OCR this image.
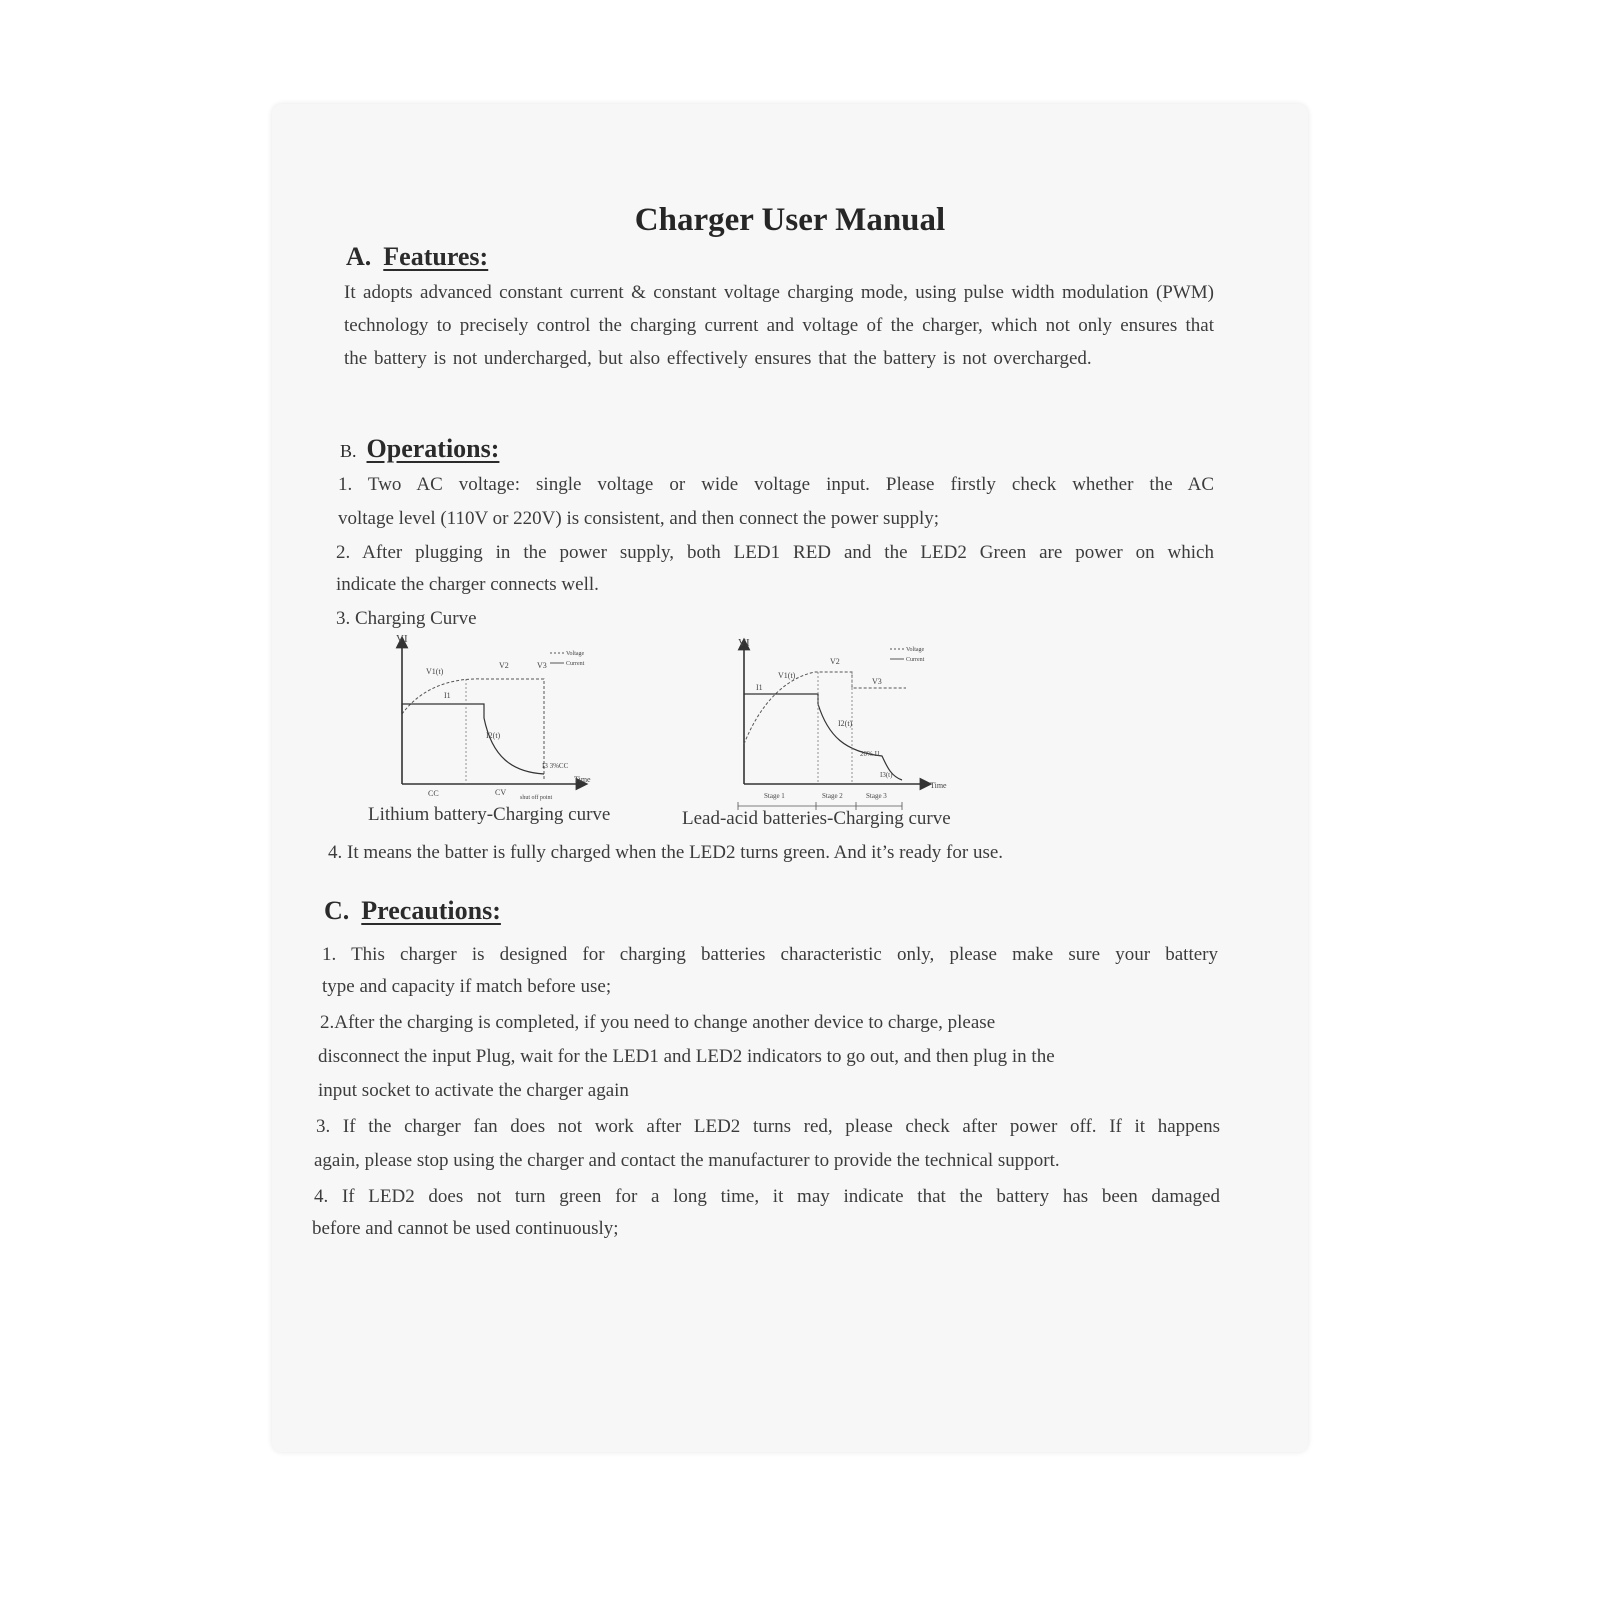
Charger User Manual
A. Features:
It adopts advanced constant current & constant voltage charging mode, using pulse width modulation (PWM) technology to precisely control the charging current and voltage of the charger, which not only ensures that the battery is not undercharged, but also effectively ensures that the battery is not overcharged.
B. Operations:
1. Two AC voltage: single voltage or wide voltage input. Please firstly check whether the AC
voltage level (110V or 220V) is consistent, and then connect the power supply;
2. After plugging in the power supply, both LED1 RED and the LED2 Green are power on which
indicate the charger connects well.
3. Charging Curve
VI
Time
Voltage
Current
V1(t)
V2	V3
I1
I2(t)
I3 3%CC
CC	CV
shut off point
VI
Time
Voltage
Current
V1(t)
V2
V3
I1
I2(t)
20% I1
I3(t)
Stage 1	Stage 2	Stage 3
Lithium battery-Charging curve	Lead-acid batteries-Charging curve
4. It means the batter is fully charged when the LED2 turns green. And it’s ready for use.
C. Precautions:
1. This charger is designed for charging batteries characteristic only, please make sure your battery
type and capacity if match before use;
2.After the charging is completed, if you need to change another device to charge, please
disconnect the input Plug, wait for the LED1 and LED2 indicators to go out, and then plug in the
input socket to activate the charger again
3. If the charger fan does not work after LED2 turns red, please check after power off. If it happens
again, please stop using the charger and contact the manufacturer to provide the technical support.
4. If LED2 does not turn green for a long time, it may indicate that the battery has been damaged
before and cannot be used continuously;
